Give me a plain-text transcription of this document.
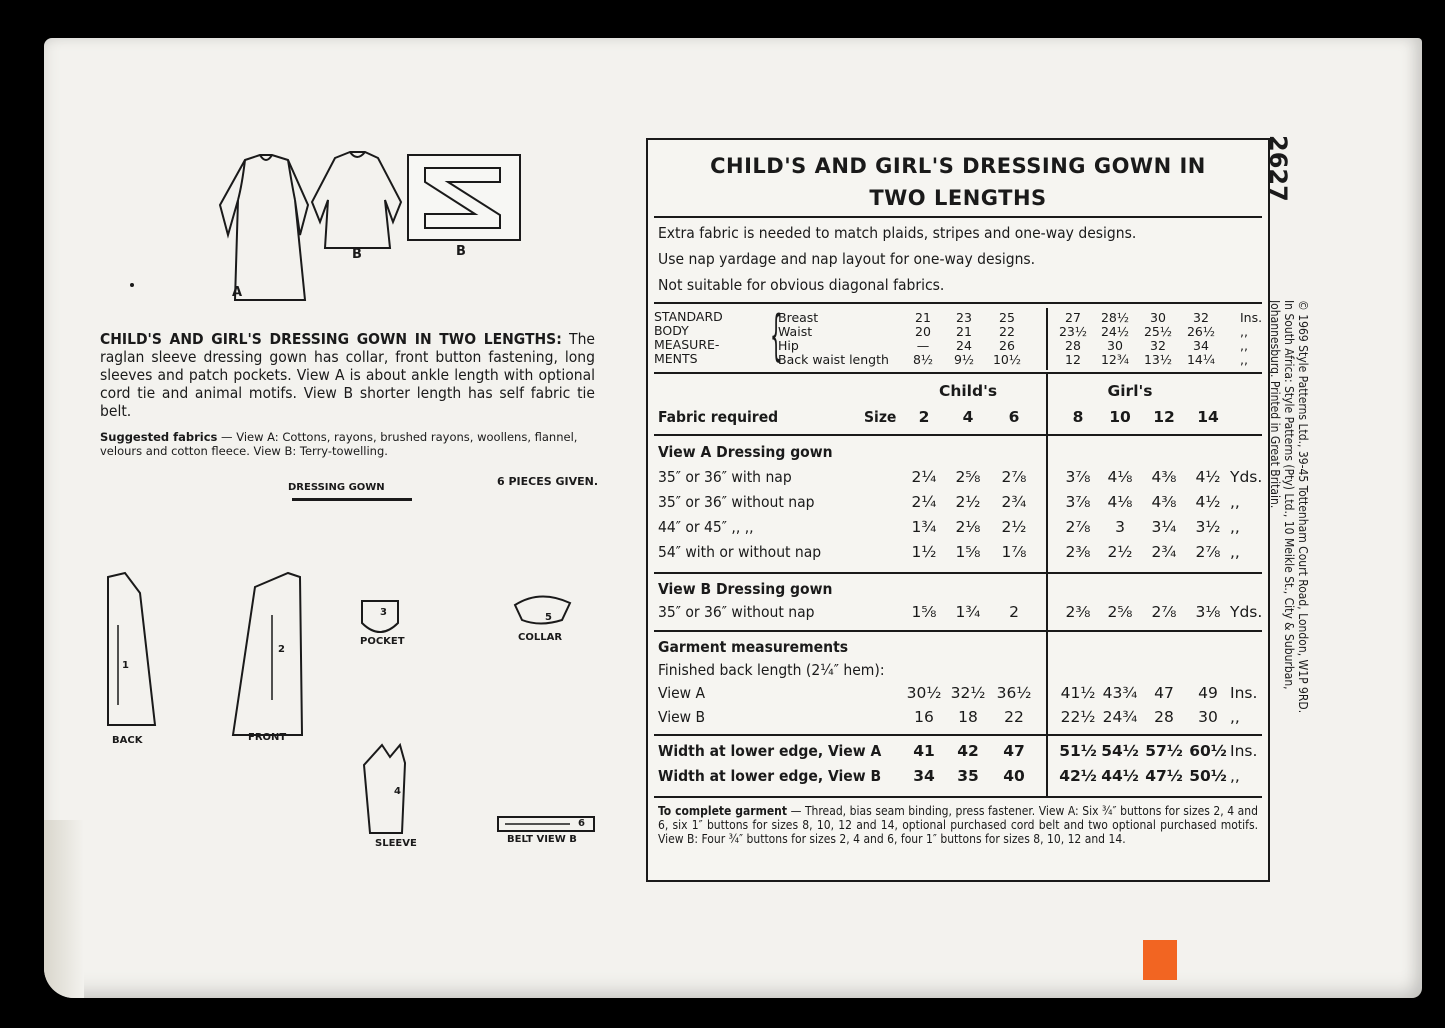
A
B	B
CHILD'S AND GIRL'S DRESSING GOWN IN TWO LENGTHS: The raglan sleeve dressing gown has collar, front button fastening, long sleeves and patch pockets. View A is about ankle length with optional cord tie and animal motifs. View B shorter length has self fabric tie belt.
Suggested fabrics — View A: Cottons, rayons, brushed rayons, woollens, flannel, velours and cotton fleece. View B: Terry-towelling.
DRESSING GOWN	6 PIECES GIVEN.
1
BACK
2
FRONT
3
POCKET
5
COLLAR
4
SLEEVE
6
BELT VIEW B
CHILD'S AND GIRL'S DRESSING GOWN IN
TWO LENGTHS
Extra fabric is needed to match plaids, stripes and one-way designs.
Use nap yardage and nap layout for one-way designs.
Not suitable for obvious diagonal fabrics.
STANDARD
BODY
MEASURE-
MENTS	{
Breast	21	23	25	27	28½	30	32	Ins.
Waist	20	21	22	23½ 24½ 25½ 26½ ,,
Hip	—	24	26	28	30	32	34	,,
Back waist length	8½	9½	10½	12	12¾ 13½ 14¼ ,,
Child's	Girl's
Fabric required	Size	2	4	6	8	10	12	14
View A Dressing gown
35″ or 36″ with nap	2¼	2⅝	2⅞	3⅞	4⅛	4⅜	4½ Yds.
35″ or 36″ without nap	2¼	2½	2¾	3⅞	4⅛	4⅜	4½ ,,
44″ or 45″ ,, ,,	1¾	2⅛	2½	2⅞	3	3¼	3½ ,,
54″ with or without nap	1½	1⅝	1⅞	2⅜	2½	2¾	2⅞ ,,
View B Dressing gown
35″ or 36″ without nap	1⅝	1¾	2	2⅜	2⅝	2⅞	3⅛ Yds.
Garment measurements
Finished back length (2¼″ hem):
View A	30½ 32½ 36½ 41½ 43¾	47	49 Ins.
View B	16	18	22	22½ 24¾	28	30 ,,
Width at lower edge, View A	41	42	47	51½ 54½ 57½ 60½ Ins.
Width at lower edge, View B	34	35	40	42½ 44½ 47½ 50½ ,,
To complete garment — Thread, bias seam binding, press fastener. View A: Six ¾″ buttons for sizes 2, 4 and 6, six 1″ buttons for sizes 8, 10, 12 and 14, optional purchased cord belt and two optional purchased motifs. View B: Four ¾″ buttons for sizes 2, 4 and 6, four 1″ buttons for sizes 8, 10, 12 and 14.
2627
© 1969 Style Patterns Ltd., 39-45 Tottenham Court Road, London, W1P 9RD.
In South Africa: Style Patterns (Pty) Ltd., 10 Meikle St., City & Suburban,
Johannesburg. Printed in Great Britain.
